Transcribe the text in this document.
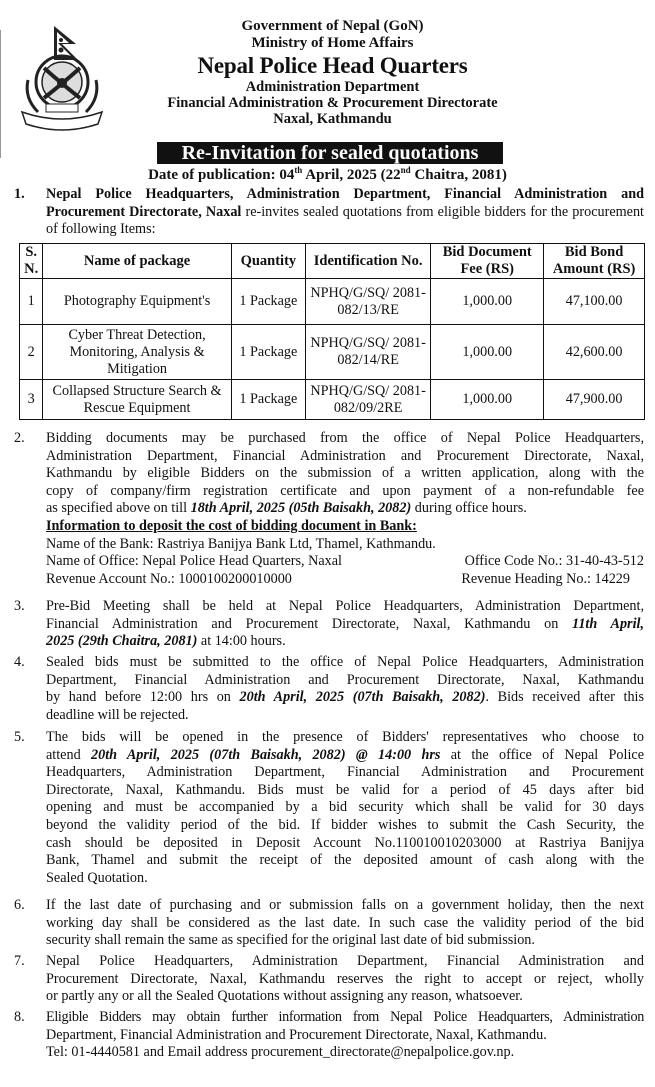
Government of Nepal (GoN)
Ministry of Home Affairs
Nepal Police Head Quarters
Administration Department
Financial Administration & Procurement Directorate
Naxal, Kathmandu
Re-Invitation for sealed quotations
Date of publication: 04th April, 2025 (22nd Chaitra, 2081)
1. Nepal Police Headquarters, Administration Department, Financial Administration and Procurement Directorate, Naxal re-invites sealed quotations from eligible bidders for the procurement of following Items:
S. N.	Name of package	Quantity	Identification No.	Bid Document Fee (RS)	Bid Bond Amount (RS)
1	Photography Equipment's	1 Package	NPHQ/G/SQ/ 2081-082/13/RE	1,000.00	47,100.00
2	Cyber Threat Detection, Monitoring, Analysis & Mitigation	1 Package	NPHQ/G/SQ/ 2081-082/14/RE	1,000.00	42,600.00
3	Collapsed Structure Search & Rescue Equipment	1 Package	NPHQ/G/SQ/ 2081-082/09/2RE	1,000.00	47,900.00
2. Bidding documents may be purchased from the office of Nepal Police Headquarters,
Administration Department, Financial Administration and Procurement Directorate, Naxal,
Kathmandu by eligible Bidders on the submission of a written application, along with the
copy of company/firm registration certificate and upon payment of a non-refundable fee
as specified above on till 18th April, 2025 (05th Baisakh, 2082) during office hours.
Information to deposit the cost of bidding document in Bank:
Name of the Bank: Rastriya Banijya Bank Ltd, Thamel, Kathmandu.
Name of Office: Nepal Police Head Quarters, Naxal	Office Code No.: 31-40-43-512
Revenue Account No.: 1000100200010000	Revenue Heading No.: 14229
3. Pre-Bid Meeting shall be held at Nepal Police Headquarters, Administration Department,
Financial Administration and Procurement Directorate, Naxal, Kathmandu on 11th April,
2025 (29th Chaitra, 2081) at 14:00 hours.
4. Sealed bids must be submitted to the office of Nepal Police Headquarters, Administration
Department, Financial Administration and Procurement Directorate, Naxal, Kathmandu
by hand before 12:00 hrs on 20th April, 2025 (07th Baisakh, 2082). Bids received after this
deadline will be rejected.
5. The bids will be opened in the presence of Bidders' representatives who choose to
attend 20th April, 2025 (07th Baisakh, 2082) @ 14:00 hrs at the office of Nepal Police
Headquarters, Administration Department, Financial Administration and Procurement
Directorate, Naxal, Kathmandu. Bids must be valid for a period of 45 days after bid
opening and must be accompanied by a bid security which shall be valid for 30 days
beyond the validity period of the bid. If bidder wishes to submit the Cash Security, the
cash should be deposited in Deposit Account No.110010010203000 at Rastriya Banijya
Bank, Thamel and submit the receipt of the deposited amount of cash along with the
Sealed Quotation.
6. If the last date of purchasing and or submission falls on a government holiday, then the next
working day shall be considered as the last date. In such case the validity period of the bid
security shall remain the same as specified for the original last date of bid submission.
7. Nepal Police Headquarters, Administration Department, Financial Administration and
Procurement Directorate, Naxal, Kathmandu reserves the right to accept or reject, wholly
or partly any or all the Sealed Quotations without assigning any reason, whatsoever.
8. Eligible Bidders may obtain further information from Nepal Police Headquarters, Administration
Department, Financial Administration and Procurement Directorate, Naxal, Kathmandu.
Tel: 01-4440581 and Email address procurement_directorate@nepalpolice.gov.np.
